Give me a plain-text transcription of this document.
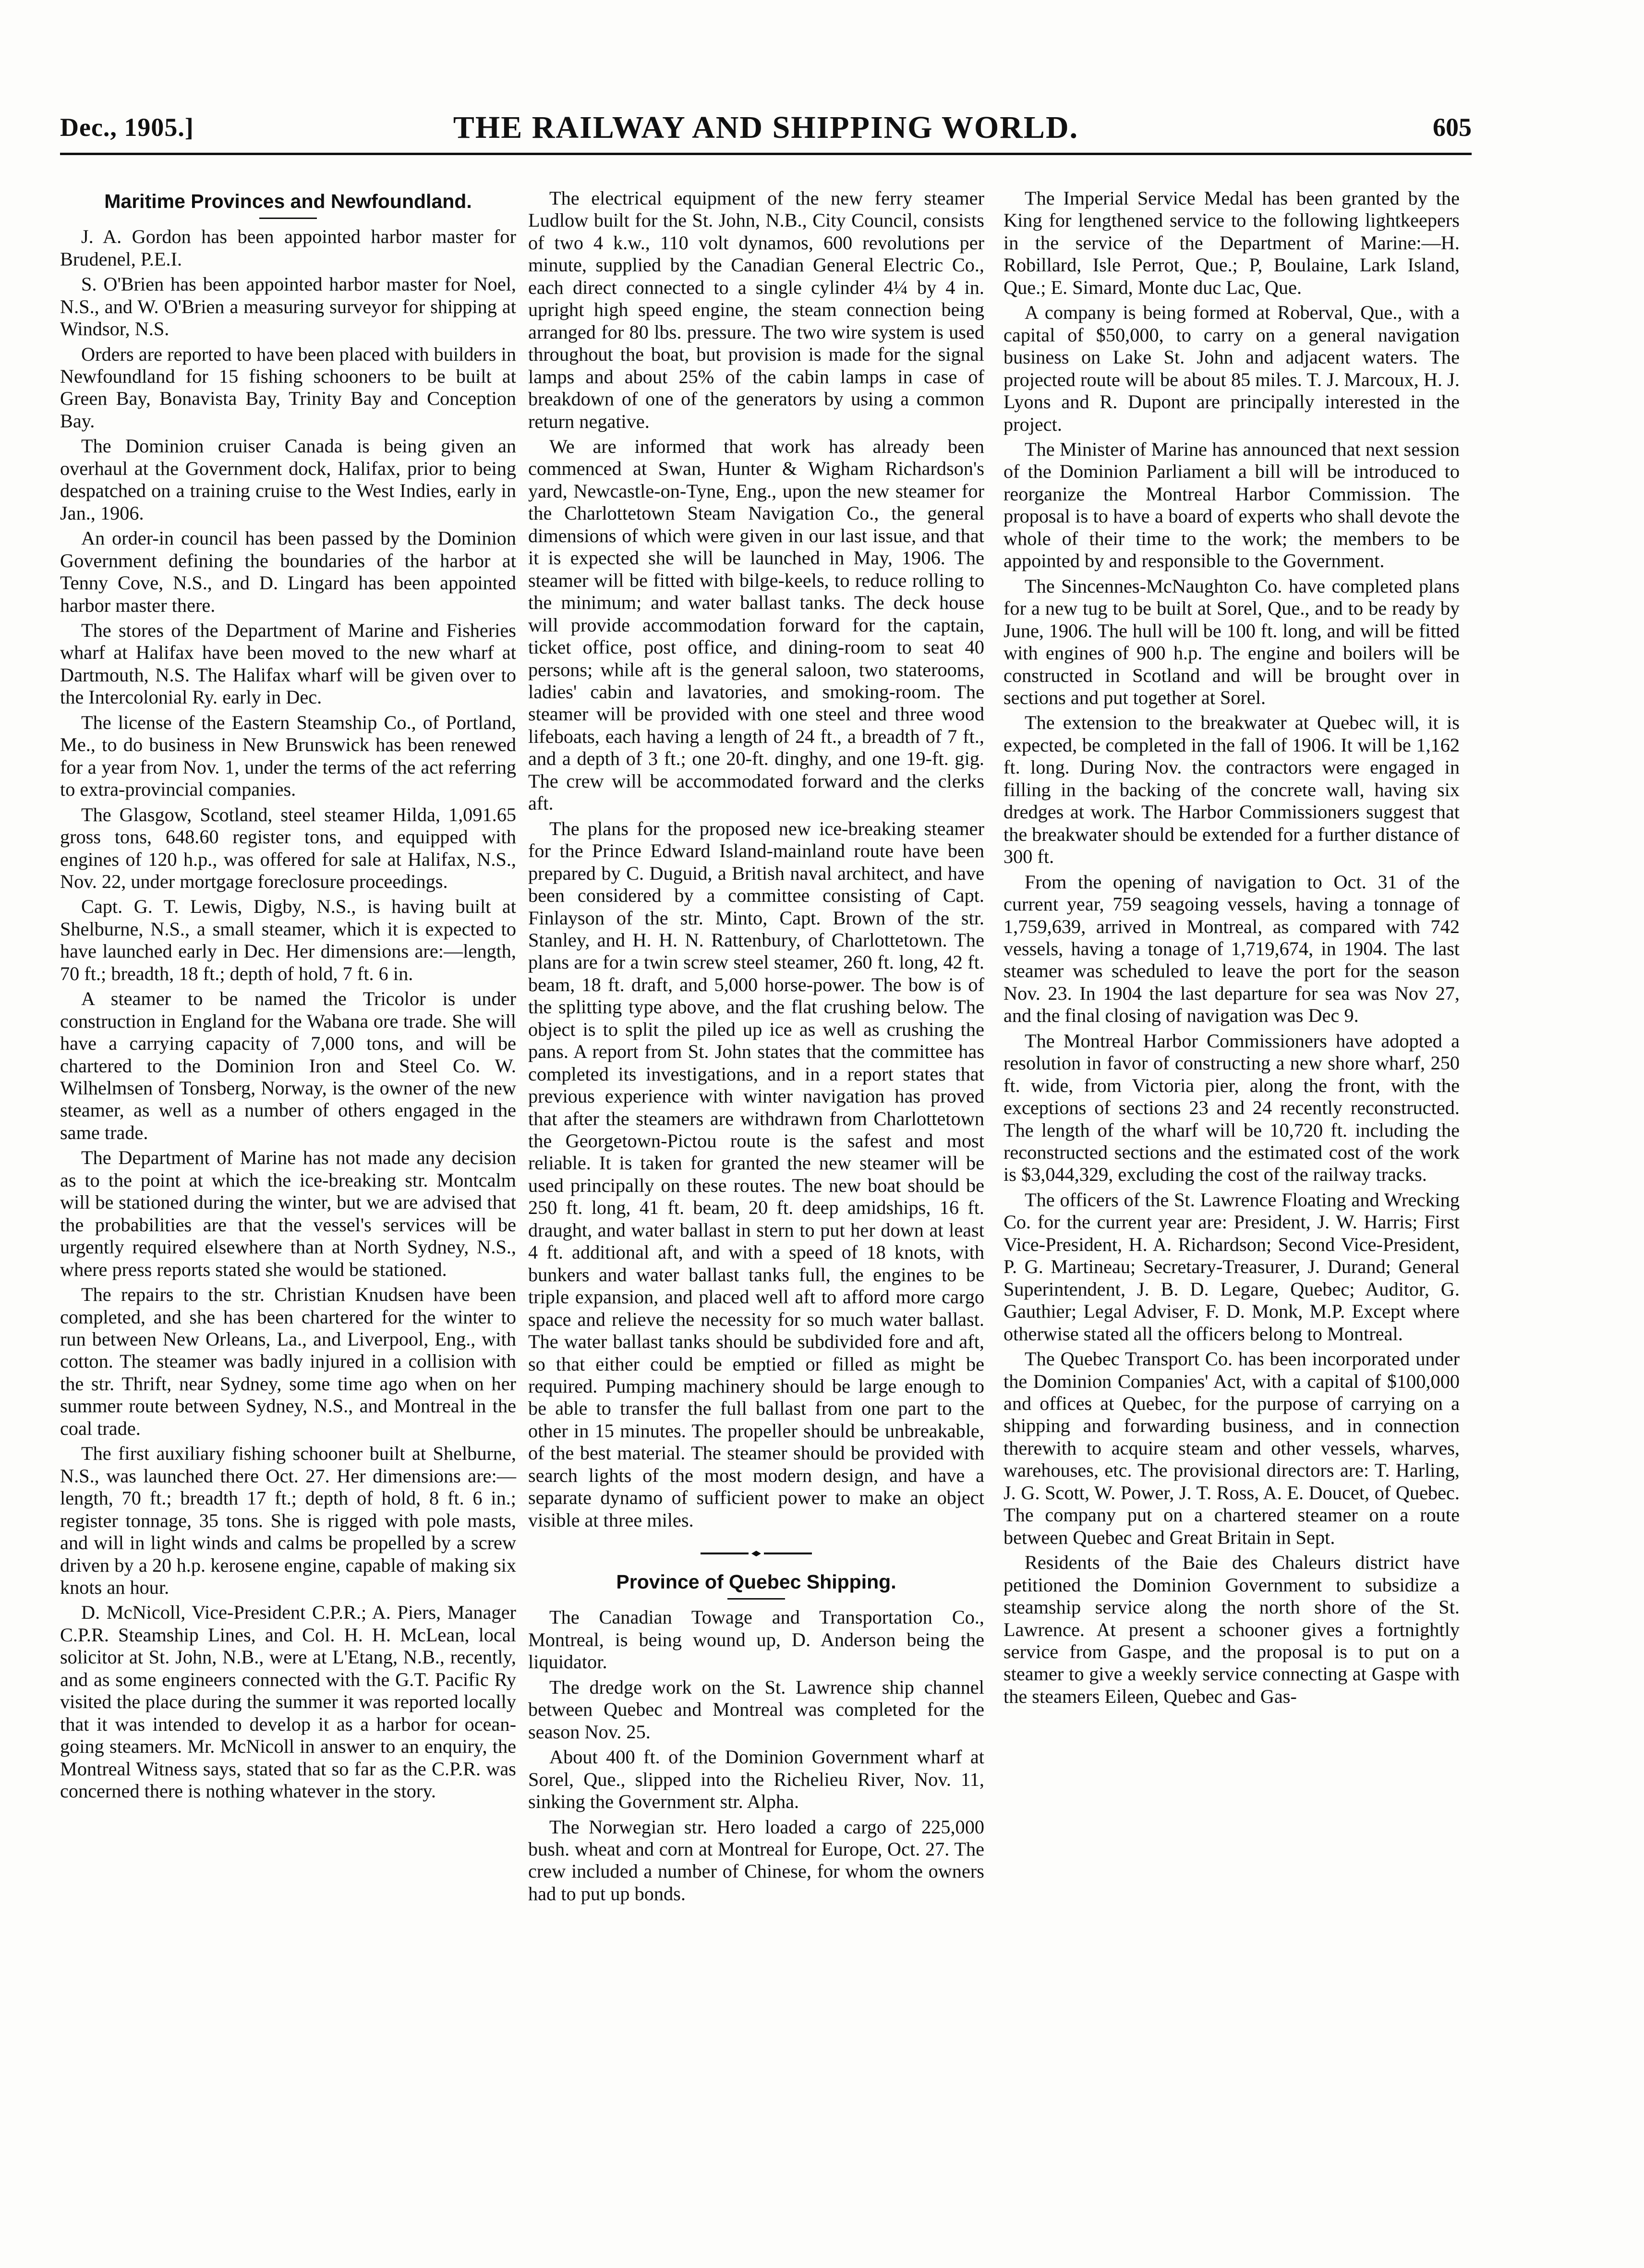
Dec., 1905.]	THE RAILWAY AND SHIPPING WORLD.	605
Maritime Provinces and Newfoundland.

J. A. Gordon has been appointed harbor master for Brudenel, P.E.I.

S. O'Brien has been appointed harbor master for Noel, N.S., and W. O'Brien a measuring surveyor for shipping at Windsor, N.S.

Orders are reported to have been placed with builders in Newfoundland for 15 fishing schooners to be built at Green Bay, Bonavista Bay, Trinity Bay and Conception Bay.

The Dominion cruiser Canada is being given an overhaul at the Government dock, Halifax, prior to being despatched on a training cruise to the West Indies, early in Jan., 1906.

An order-in council has been passed by the Dominion Government defining the boundaries of the harbor at Tenny Cove, N.S., and D. Lingard has been appointed harbor master there.

The stores of the Department of Marine and Fisheries wharf at Halifax have been moved to the new wharf at Dartmouth, N.S. The Halifax wharf will be given over to the Intercolonial Ry. early in Dec.

The license of the Eastern Steamship Co., of Portland, Me., to do business in New Brunswick has been renewed for a year from Nov. 1, under the terms of the act referring to extra-provincial companies.

The Glasgow, Scotland, steel steamer Hilda, 1,091.65 gross tons, 648.60 register tons, and equipped with engines of 120 h.p., was offered for sale at Halifax, N.S., Nov. 22, under mortgage foreclosure proceedings.

Capt. G. T. Lewis, Digby, N.S., is having built at Shelburne, N.S., a small steamer, which it is expected to have launched early in Dec. Her dimensions are:—length, 70 ft.; breadth, 18 ft.; depth of hold, 7 ft. 6 in.

A steamer to be named the Tricolor is under construction in England for the Wabana ore trade. She will have a carrying capacity of 7,000 tons, and will be chartered to the Dominion Iron and Steel Co. W. Wilhelmsen of Tonsberg, Norway, is the owner of the new steamer, as well as a number of others engaged in the same trade.

The Department of Marine has not made any decision as to the point at which the ice-breaking str. Montcalm will be stationed during the winter, but we are advised that the probabilities are that the vessel's services will be urgently required elsewhere than at North Sydney, N.S., where press reports stated she would be stationed.

The repairs to the str. Christian Knudsen have been completed, and she has been chartered for the winter to run between New Orleans, La., and Liverpool, Eng., with cotton. The steamer was badly injured in a collision with the str. Thrift, near Sydney, some time ago when on her summer route between Sydney, N.S., and Montreal in the coal trade.

The first auxiliary fishing schooner built at Shelburne, N.S., was launched there Oct. 27. Her dimensions are:—length, 70 ft.; breadth 17 ft.; depth of hold, 8 ft. 6 in.; register tonnage, 35 tons. She is rigged with pole masts, and will in light winds and calms be propelled by a screw driven by a 20 h.p. kerosene engine, capable of making six knots an hour.

D. McNicoll, Vice-President C.P.R.; A. Piers, Manager C.P.R. Steamship Lines, and Col. H. H. McLean, local solicitor at St. John, N.B., were at L'Etang, N.B., recently, and as some engineers connected with the G.T. Pacific Ry visited the place during the summer it was reported locally that it was intended to develop it as a harbor for ocean-going steamers. Mr. McNicoll in answer to an enquiry, the Montreal Witness says, stated that so far as the C.P.R. was concerned there is nothing whatever in the story.

The electrical equipment of the new ferry steamer Ludlow built for the St. John, N.B., City Council, consists of two 4 k.w., 110 volt dynamos, 600 revolutions per minute, supplied by the Canadian General Electric Co., each direct connected to a single cylinder 4¼ by 4 in. upright high speed engine, the steam connection being arranged for 80 lbs. pressure. The two wire system is used throughout the boat, but provision is made for the signal lamps and about 25% of the cabin lamps in case of breakdown of one of the generators by using a common return negative.

We are informed that work has already been commenced at Swan, Hunter & Wigham Richardson's yard, Newcastle-on-Tyne, Eng., upon the new steamer for the Charlottetown Steam Navigation Co., the general dimensions of which were given in our last issue, and that it is expected she will be launched in May, 1906. The steamer will be fitted with bilge-keels, to reduce rolling to the minimum; and water ballast tanks. The deck house will provide accommodation forward for the captain, ticket office, post office, and dining-room to seat 40 persons; while aft is the general saloon, two staterooms, ladies' cabin and lavatories, and smoking-room. The steamer will be provided with one steel and three wood lifeboats, each having a length of 24 ft., a breadth of 7 ft., and a depth of 3 ft.; one 20-ft. dinghy, and one 19-ft. gig. The crew will be accommodated forward and the clerks aft.

The plans for the proposed new ice-breaking steamer for the Prince Edward Island-mainland route have been prepared by C. Duguid, a British naval architect, and have been considered by a committee consisting of Capt. Finlayson of the str. Minto, Capt. Brown of the str. Stanley, and H. H. N. Rattenbury, of Charlottetown. The plans are for a twin screw steel steamer, 260 ft. long, 42 ft. beam, 18 ft. draft, and 5,000 horse-power. The bow is of the splitting type above, and the flat crushing below. The object is to split the piled up ice as well as crushing the pans. A report from St. John states that the committee has completed its investigations, and in a report states that previous experience with winter navigation has proved that after the steamers are withdrawn from Charlottetown the Georgetown-Pictou route is the safest and most reliable. It is taken for granted the new steamer will be used principally on these routes. The new boat should be 250 ft. long, 41 ft. beam, 20 ft. deep amidships, 16 ft. draught, and water ballast in stern to put her down at least 4 ft. additional aft, and with a speed of 18 knots, with bunkers and water ballast tanks full, the engines to be triple expansion, and placed well aft to afford more cargo space and relieve the necessity for so much water ballast. The water ballast tanks should be subdivided fore and aft, so that either could be emptied or filled as might be required. Pumping machinery should be large enough to be able to transfer the full ballast from one part to the other in 15 minutes. The propeller should be unbreakable, of the best material. The steamer should be provided with search lights of the most modern design, and have a separate dynamo of sufficient power to make an object visible at three miles.

Province of Quebec Shipping.

The Canadian Towage and Transportation Co., Montreal, is being wound up, D. Anderson being the liquidator.

The dredge work on the St. Lawrence ship channel between Quebec and Montreal was completed for the season Nov. 25.

About 400 ft. of the Dominion Government wharf at Sorel, Que., slipped into the Richelieu River, Nov. 11, sinking the Government str. Alpha.

The Norwegian str. Hero loaded a cargo of 225,000 bush. wheat and corn at Montreal for Europe, Oct. 27. The crew included a number of Chinese, for whom the owners had to put up bonds.

The Imperial Service Medal has been granted by the King for lengthened service to the following lightkeepers in the service of the Department of Marine:—H. Robillard, Isle Perrot, Que.; P, Boulaine, Lark Island, Que.; E. Simard, Monte duc Lac, Que.

A company is being formed at Roberval, Que., with a capital of $50,000, to carry on a general navigation business on Lake St. John and adjacent waters. The projected route will be about 85 miles. T. J. Marcoux, H. J. Lyons and R. Dupont are principally interested in the project.

The Minister of Marine has announced that next session of the Dominion Parliament a bill will be introduced to reorganize the Montreal Harbor Commission. The proposal is to have a board of experts who shall devote the whole of their time to the work; the members to be appointed by and responsible to the Government.

The Sincennes-McNaughton Co. have completed plans for a new tug to be built at Sorel, Que., and to be ready by June, 1906. The hull will be 100 ft. long, and will be fitted with engines of 900 h.p. The engine and boilers will be constructed in Scotland and will be brought over in sections and put together at Sorel.

The extension to the breakwater at Quebec will, it is expected, be completed in the fall of 1906. It will be 1,162 ft. long. During Nov. the contractors were engaged in filling in the backing of the concrete wall, having six dredges at work. The Harbor Commissioners suggest that the breakwater should be extended for a further distance of 300 ft.

From the opening of navigation to Oct. 31 of the current year, 759 seagoing vessels, having a tonnage of 1,759,639, arrived in Montreal, as compared with 742 vessels, having a tonage of 1,719,674, in 1904. The last steamer was scheduled to leave the port for the season Nov. 23. In 1904 the last departure for sea was Nov 27, and the final closing of navigation was Dec 9.

The Montreal Harbor Commissioners have adopted a resolution in favor of constructing a new shore wharf, 250 ft. wide, from Victoria pier, along the front, with the exceptions of sections 23 and 24 recently reconstructed. The length of the wharf will be 10,720 ft. including the reconstructed sections and the estimated cost of the work is $3,044,329, excluding the cost of the railway tracks.

The officers of the St. Lawrence Floating and Wrecking Co. for the current year are: President, J. W. Harris; First Vice-President, H. A. Richardson; Second Vice-President, P. G. Martineau; Secretary-Treasurer, J. Durand; General Superintendent, J. B. D. Legare, Quebec; Auditor, G. Gauthier; Legal Adviser, F. D. Monk, M.P. Except where otherwise stated all the officers belong to Montreal.

The Quebec Transport Co. has been incorporated under the Dominion Companies' Act, with a capital of $100,000 and offices at Quebec, for the purpose of carrying on a shipping and forwarding business, and in connection therewith to acquire steam and other vessels, wharves, warehouses, etc. The provisional directors are: T. Harling, J. G. Scott, W. Power, J. T. Ross, A. E. Doucet, of Quebec. The company put on a chartered steamer on a route between Quebec and Great Britain in Sept.

Residents of the Baie des Chaleurs district have petitioned the Dominion Government to subsidize a steamship service along the north shore of the St. Lawrence. At present a schooner gives a fortnightly service from Gaspe, and the proposal is to put on a steamer to give a weekly service connecting at Gaspe with the steamers Eileen, Quebec and Gas-
